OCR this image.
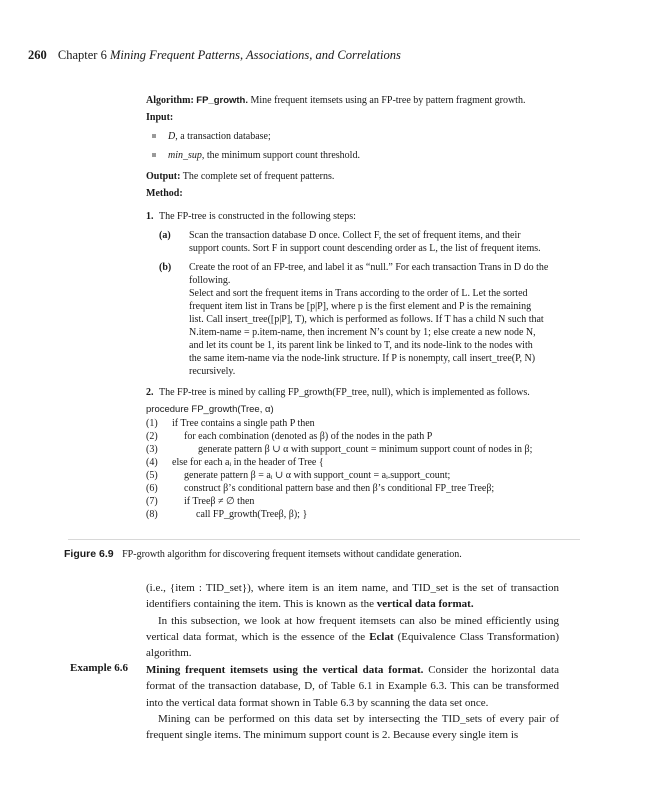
260 Chapter 6 Mining Frequent Patterns, Associations, and Correlations
Algorithm: FP_growth. Mine frequent itemsets using an FP-tree by pattern fragment growth.
Input:
D, a transaction database;
min_sup, the minimum support count threshold.
Output: The complete set of frequent patterns.
Method:
1. The FP-tree is constructed in the following steps:
(a) Scan the transaction database D once. Collect F, the set of frequent items, and their
support counts. Sort F in support count descending order as L, the list of frequent items.
(b) Create the root of an FP-tree, and label it as “null.” For each transaction Trans in D do the
following.
Select and sort the frequent items in Trans according to the order of L. Let the sorted
frequent item list in Trans be [p|P], where p is the first element and P is the remaining
list. Call insert_tree([p|P], T), which is performed as follows. If T has a child N such that
N.item-name = p.item-name, then increment N’s count by 1; else create a new node N,
and let its count be 1, its parent link be linked to T, and its node-link to the nodes with
the same item-name via the node-link structure. If P is nonempty, call insert_tree(P, N)
recursively.
2. The FP-tree is mined by calling FP_growth(FP_tree, null), which is implemented as follows.
procedure FP_growth(Tree, α)
(1) if Tree contains a single path P then
(2)	for each combination (denoted as β) of the nodes in the path P
(3)	generate pattern β ∪ α with support_count = minimum support count of nodes in β;
(4) else for each aᵢ in the header of Tree {
(5)	generate pattern β = aᵢ ∪ α with support_count = aᵢ.support_count;
(6)	construct β’s conditional pattern base and then β’s conditional FP_tree Treeβ;
(7)	if Treeβ ≠ ∅ then
(8)	call FP_growth(Treeβ, β); }
Figure 6.9 FP-growth algorithm for discovering frequent itemsets without candidate generation.

(i.e., {item : TID_set}), where item is an item name, and TID_set is the set of transaction identifiers containing the item. This is known as the vertical data format.

In this subsection, we look at how frequent itemsets can also be mined efficiently using vertical data format, which is the essence of the Eclat (Equivalence Class Transformation) algorithm.

Example 6.6 Mining frequent itemsets using the vertical data format. Consider the horizontal data format of the transaction database, D, of Table 6.1 in Example 6.3. This can be transformed into the vertical data format shown in Table 6.3 by scanning the data set once.

Mining can be performed on this data set by intersecting the TID_sets of every pair of frequent single items. The minimum support count is 2. Because every single item is
